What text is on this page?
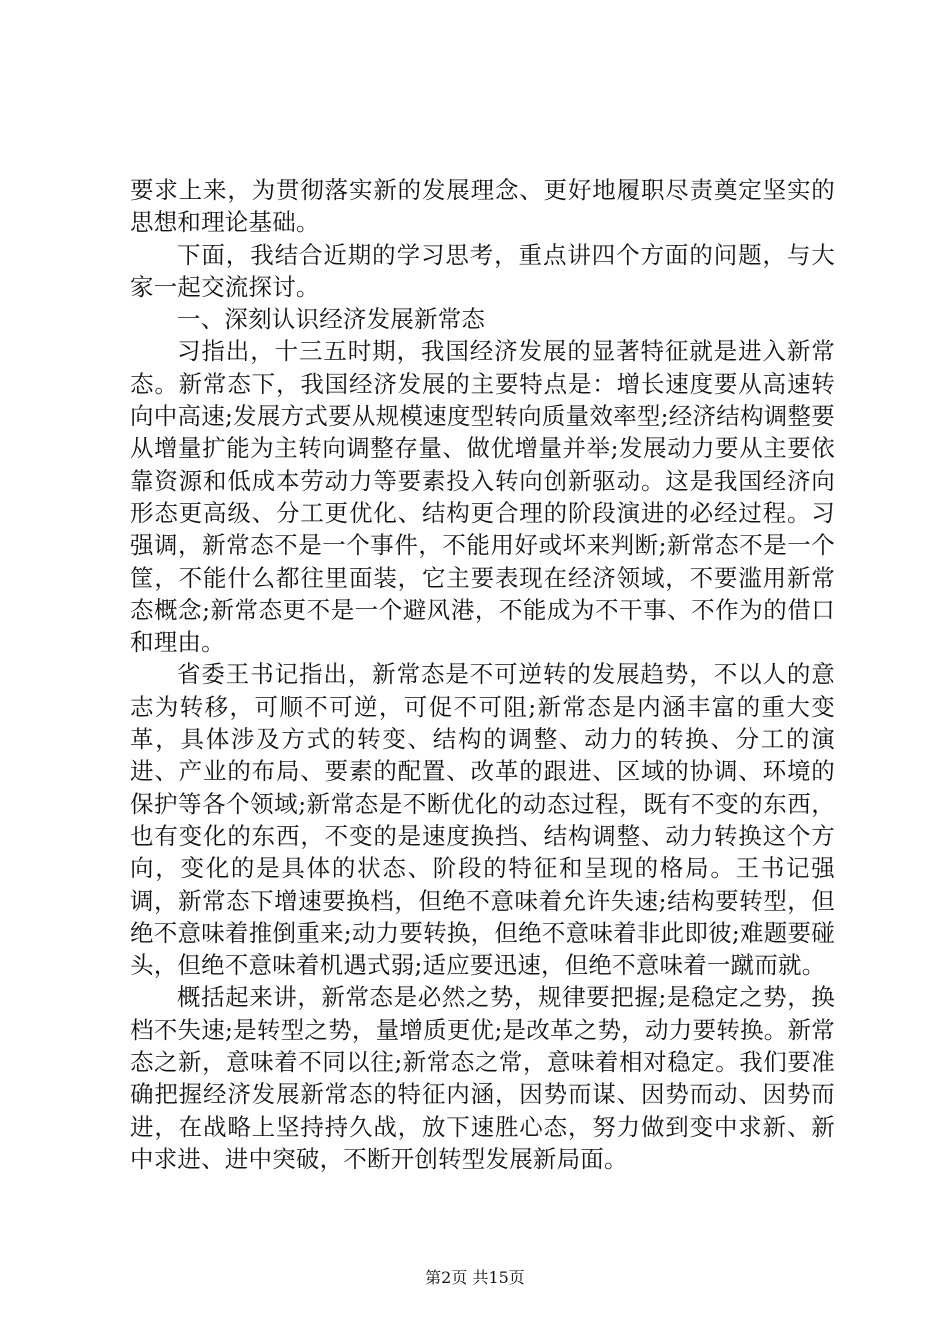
要求上来，为贯彻落实新的发展理念、更好地履职尽责奠定坚实的思想和理论基础。

下面，我结合近期的学习思考，重点讲四个方面的问题，与大家一起交流探讨。

一、深刻认识经济发展新常态

习指出，十三五时期，我国经济发展的显著特征就是进入新常态。新常态下，我国经济发展的主要特点是：增长速度要从高速转向中高速;发展方式要从规模速度型转向质量效率型;经济结构调整要从增量扩能为主转向调整存量、做优增量并举;发展动力要从主要依靠资源和低成本劳动力等要素投入转向创新驱动。这是我国经济向形态更高级、分工更优化、结构更合理的阶段演进的必经过程。习强调，新常态不是一个事件，不能用好或坏来判断;新常态不是一个筐，不能什么都往里面装，它主要表现在经济领域，不要滥用新常态概念;新常态更不是一个避风港，不能成为不干事、不作为的借口和理由。

省委王书记指出，新常态是不可逆转的发展趋势，不以人的意志为转移，可顺不可逆，可促不可阻;新常态是内涵丰富的重大变革，具体涉及方式的转变、结构的调整、动力的转换、分工的演进、产业的布局、要素的配置、改革的跟进、区域的协调、环境的保护等各个领域;新常态是不断优化的动态过程，既有不变的东西，也有变化的东西，不变的是速度换挡、结构调整、动力转换这个方向，变化的是具体的状态、阶段的特征和呈现的格局。王书记强调，新常态下增速要换档，但绝不意味着允许失速;结构要转型，但绝不意味着推倒重来;动力要转换，但绝不意味着非此即彼;难题要碰头，但绝不意味着机遇式弱;适应要迅速，但绝不意味着一蹴而就。

概括起来讲，新常态是必然之势，规律要把握;是稳定之势，换档不失速;是转型之势，量增质更优;是改革之势，动力要转换。新常态之新，意味着不同以往;新常态之常，意味着相对稳定。我们要准确把握经济发展新常态的特征内涵，因势而谋、因势而动、因势而进，在战略上坚持持久战，放下速胜心态，努力做到变中求新、新中求进、进中突破，不断开创转型发展新局面。

第2页 共15页
